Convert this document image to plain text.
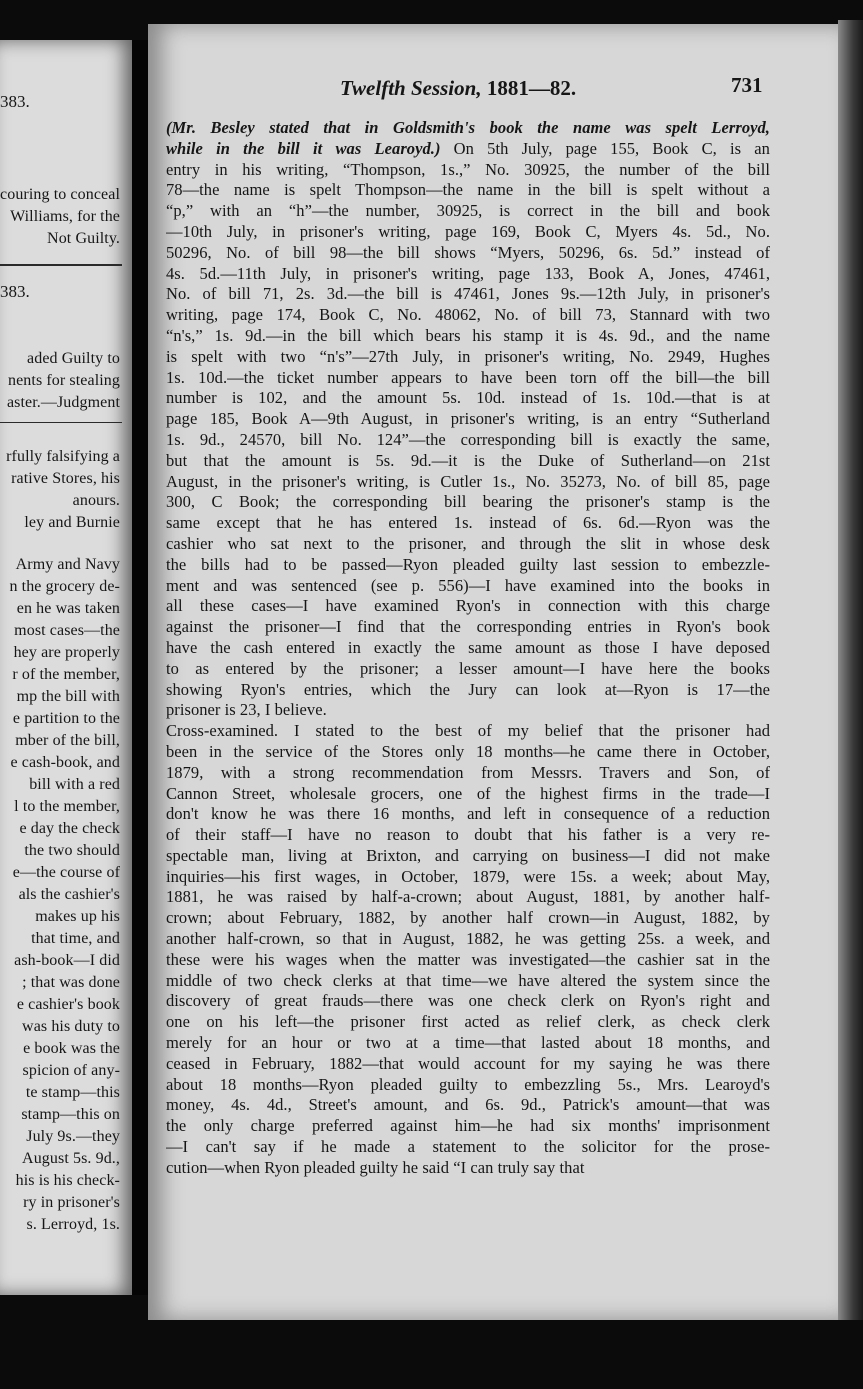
383.
couring to conceal
Williams, for the
Not Guilty.
383.
aded Guilty to
nents for stealing
aster.—Judgment
rfully falsifying a
rative Stores, his
anours.
ley and Burnie
Army and Navy
n the grocery de-
en he was taken
most cases—the
hey are properly
r of the member,
mp the bill with
e partition to the
mber of the bill,
e cash-book, and
bill with a red
l to the member,
e day the check
the two should
e—the course of
als the cashier's
makes up his
that time, and
ash-book—I did
; that was done
e cashier's book
was his duty to
e book was the
spicion of any-
te stamp—this
stamp—this on
July 9s.—they
August 5s. 9d.,
his is his check-
ry in prisoner's
s. Lerroyd, 1s.
Twelfth Session, 1881—82.	731
(Mr. Besley stated that in Goldsmith's book the name was spelt Lerroyd,
while in the bill it was Learoyd.) On 5th July, page 155, Book C, is an
entry in his writing, “Thompson, 1s.,” No. 30925, the number of the bill
78—the name is spelt Thompson—the name in the bill is spelt without a
“p,” with an “h”—the number, 30925, is correct in the bill and book
—10th July, in prisoner's writing, page 169, Book C, Myers 4s. 5d., No.
50296, No. of bill 98—the bill shows “Myers, 50296, 6s. 5d.” instead of
4s. 5d.—11th July, in prisoner's writing, page 133, Book A, Jones, 47461,
No. of bill 71, 2s. 3d.—the bill is 47461, Jones 9s.—12th July, in prisoner's
writing, page 174, Book C, No. 48062, No. of bill 73, Stannard with two
“n's,” 1s. 9d.—in the bill which bears his stamp it is 4s. 9d., and the name
is spelt with two “n's”—27th July, in prisoner's writing, No. 2949, Hughes
1s. 10d.—the ticket number appears to have been torn off the bill—the bill
number is 102, and the amount 5s. 10d. instead of 1s. 10d.—that is at
page 185, Book A—9th August, in prisoner's writing, is an entry “Sutherland
1s. 9d., 24570, bill No. 124”—the corresponding bill is exactly the same,
but that the amount is 5s. 9d.—it is the Duke of Sutherland—on 21st
August, in the prisoner's writing, is Cutler 1s., No. 35273, No. of bill 85, page
300, C Book; the corresponding bill bearing the prisoner's stamp is the
same except that he has entered 1s. instead of 6s. 6d.—Ryon was the
cashier who sat next to the prisoner, and through the slit in whose desk
the bills had to be passed—Ryon pleaded guilty last session to embezzle-
ment and was sentenced (see p. 556)—I have examined into the books in
all these cases—I have examined Ryon's in connection with this charge
against the prisoner—I find that the corresponding entries in Ryon's book
have the cash entered in exactly the same amount as those I have deposed
to as entered by the prisoner; a lesser amount—I have here the books
showing Ryon's entries, which the Jury can look at—Ryon is 17—the
prisoner is 23, I believe.
Cross-examined. I stated to the best of my belief that the prisoner had
been in the service of the Stores only 18 months—he came there in October,
1879, with a strong recommendation from Messrs. Travers and Son, of
Cannon Street, wholesale grocers, one of the highest firms in the trade—I
don't know he was there 16 months, and left in consequence of a reduction
of their staff—I have no reason to doubt that his father is a very re-
spectable man, living at Brixton, and carrying on business—I did not make
inquiries—his first wages, in October, 1879, were 15s. a week; about May,
1881, he was raised by half-a-crown; about August, 1881, by another half-
crown; about February, 1882, by another half crown—in August, 1882, by
another half-crown, so that in August, 1882, he was getting 25s. a week, and
these were his wages when the matter was investigated—the cashier sat in the
middle of two check clerks at that time—we have altered the system since the
discovery of great frauds—there was one check clerk on Ryon's right and
one on his left—the prisoner first acted as relief clerk, as check clerk
merely for an hour or two at a time—that lasted about 18 months, and
ceased in February, 1882—that would account for my saying he was there
about 18 months—Ryon pleaded guilty to embezzling 5s., Mrs. Learoyd's
money, 4s. 4d., Street's amount, and 6s. 9d., Patrick's amount—that was
the only charge preferred against him—he had six months' imprisonment
—I can't say if he made a statement to the solicitor for the prose-
cution—when Ryon pleaded guilty he said “I can truly say that
